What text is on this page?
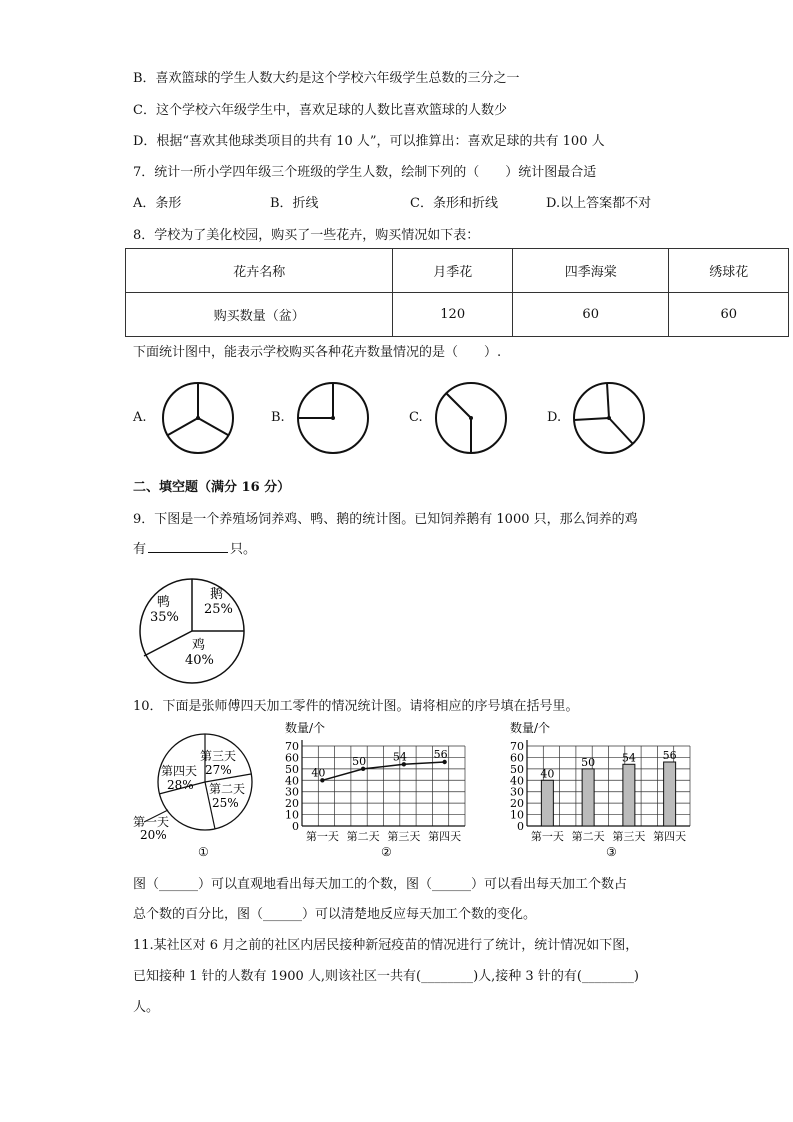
B．喜欢篮球的学生人数大约是这个学校六年级学生总数的三分之一
C．这个学校六年级学生中，喜欢足球的人数比喜欢篮球的人数少
D．根据“喜欢其他球类项目的共有 10 人”，可以推算出：喜欢足球的共有 100 人
7．统计一所小学四年级三个班级的学生人数，绘制下列的（　　）统计图最合适
A．条形	B．折线	C．条形和折线	D.以上答案都不对
8．学校为了美化校园，购买了一些花卉，购买情况如下表：
花卉名称	月季花	四季海棠	绣球花
购买数量（盆）	120	60	60
下面统计图中，能表示学校购买各种花卉数量情况的是（　　）.
A.	B.	C.	D.
二、填空题（满分 16 分）
9．下图是一个养殖场饲养鸡、鸭、鹅的统计图。已知饲养鹅有 1000 只，那么饲养的鸡
有	只。
鹅
25%
鸭
35%
鸡
40%
10．下面是张师傅四天加工零件的情况统计图。请将相应的序号填在括号里。
第三天
27%
第二天
25%
第四天
28%
第一天
20%
①
数量/个
0
10
20
30
40
50
60
70
第一天 第二天 第三天 第四天
40
50 54 56
②
数量/个
0
10
20
30
40
50
60
70
第一天 第二天 第三天 第四天
40
50 54 56
③
图（______）可以直观地看出每天加工的个数，图（______）可以看出每天加工个数占
总个数的百分比，图（______）可以清楚地反应每天加工个数的变化。
11.某社区对 6 月之前的社区内居民接种新冠疫苗的情况进行了统计，统计情况如下图，
已知接种 1 针的人数有 1900 人,则该社区一共有(________)人,接种 3 针的有(________)
人。
